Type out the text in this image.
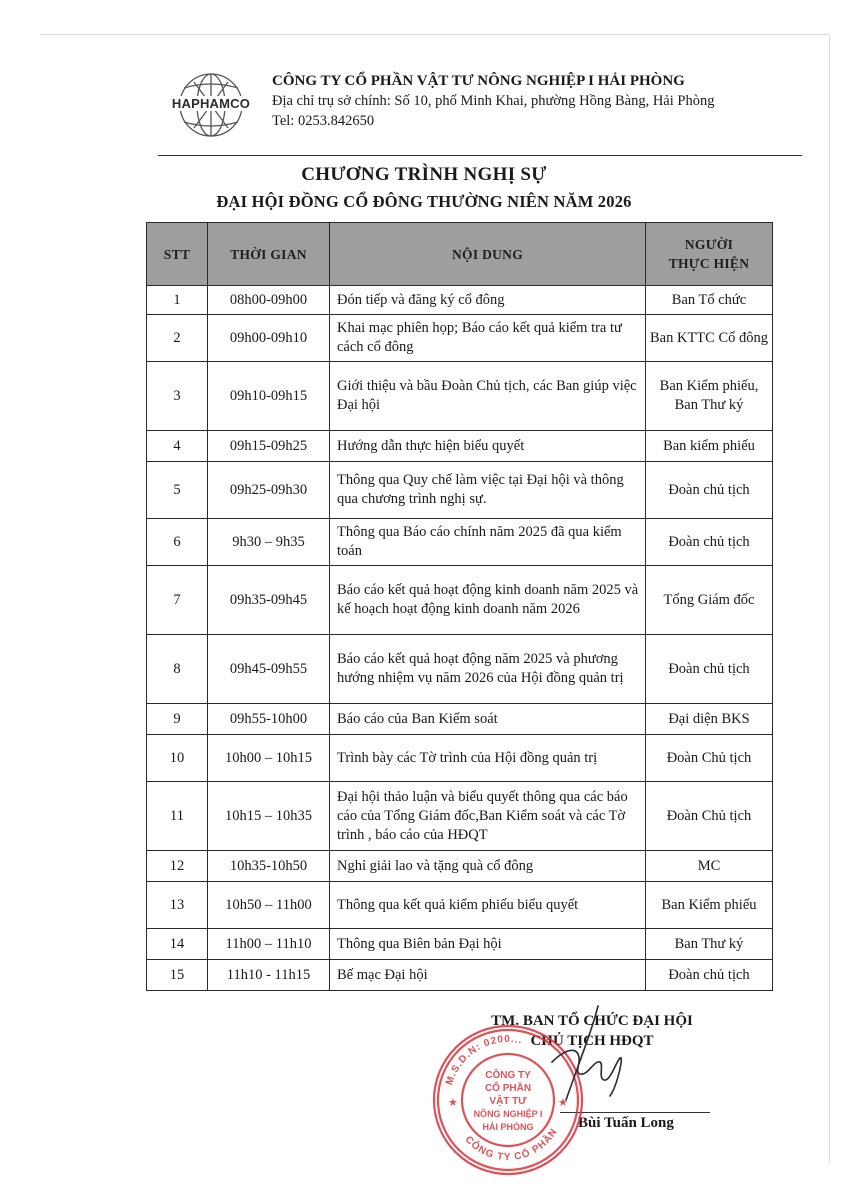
HAPHAMCO
CÔNG TY CỔ PHẦN VẬT TƯ NÔNG NGHIỆP I HẢI PHÒNG
Địa chỉ trụ sở chính: Số 10, phố Minh Khai, phường Hồng Bàng, Hải Phòng
Tel: 0253.842650
CHƯƠNG TRÌNH NGHỊ SỰ
ĐẠI HỘI ĐỒNG CỔ ĐÔNG THƯỜNG NIÊN NĂM 2026
STT	THỜI GIAN	NỘI DUNG	NGƯỜI
THỰC HIỆN
1	08h00-09h00	Đón tiếp và đăng ký cổ đông	Ban Tổ chức
2	09h00-09h10	Khai mạc phiên họp; Báo cáo kết quả kiểm tra tư cách cổ đông	Ban KTTC Cổ đông
3	09h10-09h15	Giới thiệu và bầu Đoàn Chủ tịch, các Ban giúp việc Đại hội	Ban Kiểm phiếu, Ban Thư ký
4	09h15-09h25	Hướng dẫn thực hiện biểu quyết	Ban kiểm phiếu
5	09h25-09h30	Thông qua Quy chế làm việc tại Đại hội và thông qua chương trình nghị sự.	Đoàn chủ tịch
6	9h30 – 9h35	Thông qua Báo cáo chính năm 2025 đã qua kiểm toán	Đoàn chủ tịch
7	09h35-09h45	Báo cáo kết quả hoạt động kinh doanh năm 2025 và kế hoạch hoạt động kinh doanh năm 2026	Tổng Giám đốc
8	09h45-09h55	Báo cáo kết quả hoạt động năm 2025 và phương hướng nhiệm vụ năm 2026 của Hội đồng quản trị	Đoàn chủ tịch
9	09h55-10h00	Báo cáo của Ban Kiểm soát	Đại diện BKS
10	10h00 – 10h15	Trình bày các Tờ trình của Hội đồng quản trị	Đoàn Chủ tịch
11	10h15 – 10h35	Đại hội thảo luận và biểu quyết thông qua các báo cáo của Tổng Giám đốc,Ban Kiểm soát và các Tờ trình , báo cáo của HĐQT	Đoàn Chủ tịch
12	10h35-10h50	Nghỉ giải lao và tặng quà cổ đông	MC
13	10h50 – 11h00	Thông qua kết quả kiểm phiếu biểu quyết	Ban Kiểm phiếu
14	11h00 – 11h10	Thông qua Biên bản Đại hội	Ban Thư ký
15	11h10 - 11h15	Bế mạc Đại hội	Đoàn chủ tịch
TM. BAN TỔ CHỨC ĐẠI HỘI
CHỦ TỊCH HĐQT
Bùi Tuấn Long
M.S.D.N: 0200...
CÔNG TY CỔ PHẦN
CÔNG TY
CỔ PHẦN
VẬT TƯ
NÔNG NGHIỆP I
HẢI PHÒNG
★	★
